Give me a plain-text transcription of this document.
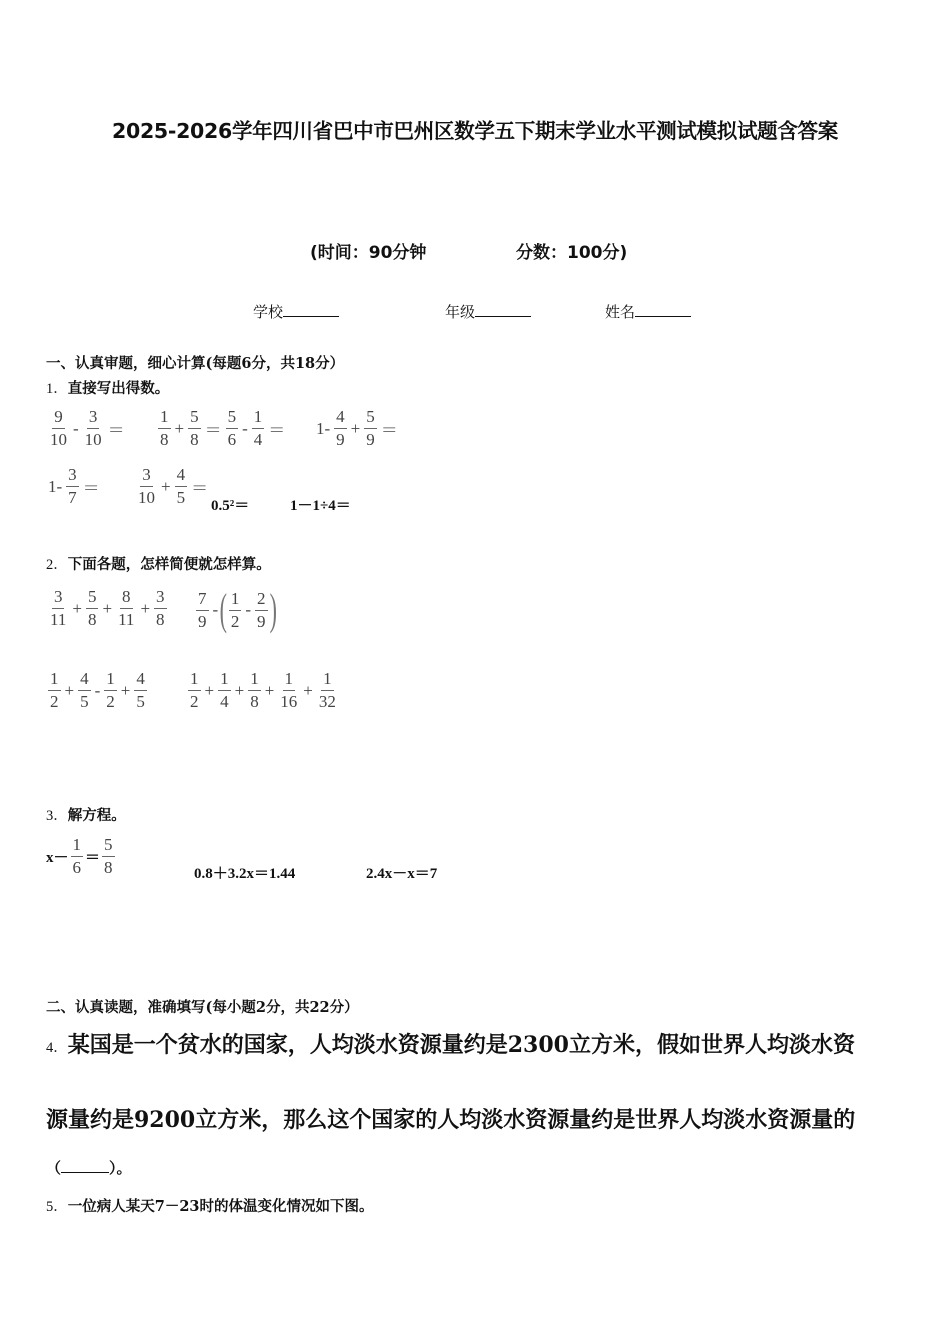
2025-2026学年四川省巴中市巴州区数学五下期末学业水平测试模拟试题含答案
(时间：90分钟	分数：100分)
学校	年级	姓名
一、认真审题，细心计算(每题6分，共18分）
1．直接写出得数。
$\frac{9}{10} - \frac{3}{10} = \frac{1}{8} + \frac{5}{8} = \frac{5}{6} - \frac{1}{4} = 1- \frac{4}{9} + \frac{5}{9}$ ＝
$1- \frac{3}{7} = \frac{3}{10} + \frac{4}{5}$ ＝
0.5²＝	1－1÷4＝
2．下面各题，怎样简便就怎样算。
$\frac{3}{11} + \frac{5}{8} + \frac{8}{11} + \frac{3}{8} \frac{7}{9}$ - ( $\frac{1}{2} - \frac{2}{9}$ )
$\frac{1}{2} + \frac{4}{5} - \frac{1}{2} + \frac{4}{5} \frac{1}{2} + \frac{1}{4} + \frac{1}{8} + \frac{1}{16} + \frac{1}{32}$
3．解方程。
$x- \frac{1}{6} = \frac{5}{8}$	0.8＋3.2x＝1.44	2.4x－x＝7
二、认真读题，准确填写(每小题2分，共22分）
4．某国是一个贫水的国家，人均淡水资源量约是2300立方米，假如世界人均淡水资
源量约是9200立方米，那么这个国家的人均淡水资源量约是世界人均淡水资源量的
（	）。
5．一位病人某天7－23时的体温变化情况如下图。
